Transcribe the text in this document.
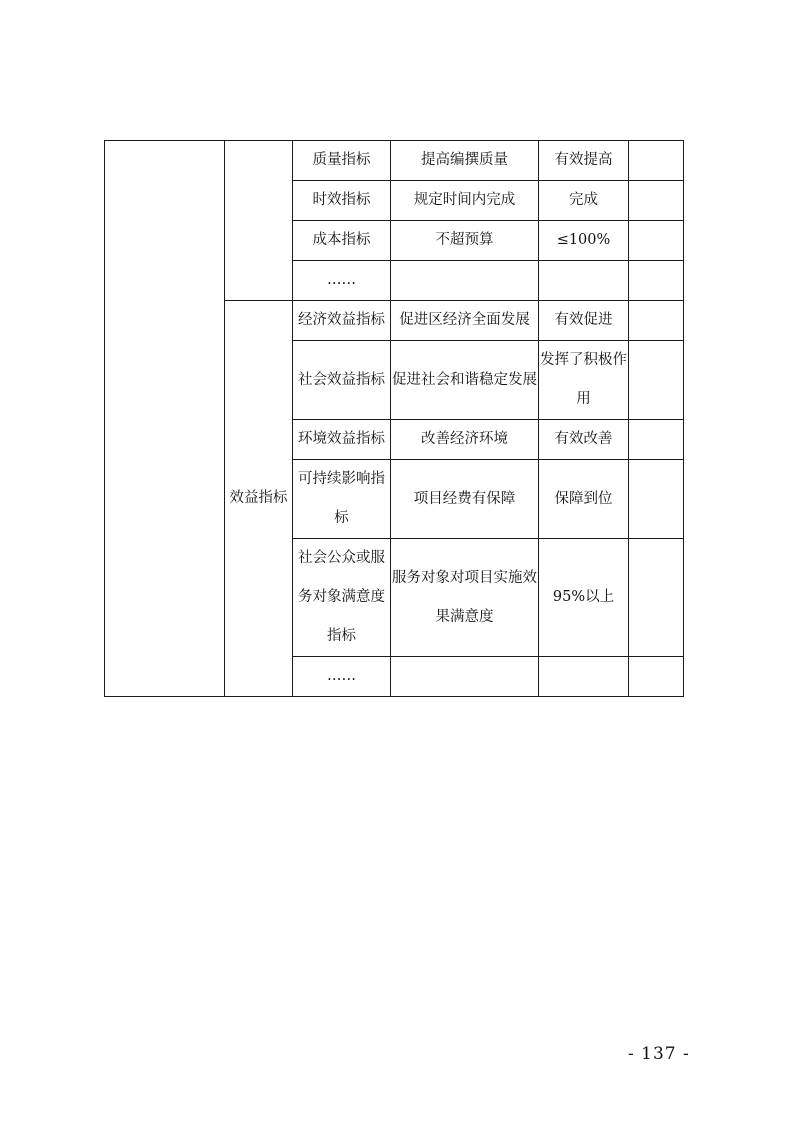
		质量指标	提高编撰质量	有效提高	
		时效指标	规定时间内完成	完成	
		成本指标	不超预算	≤100%	
		……			
	效益指标	经济效益指标	促进区经济全面发展	有效促进	
		社会效益指标	促进社会和谐稳定发展	发挥了积极作用	
		环境效益指标	改善经济环境	有效改善	
		可持续影响指标	项目经费有保障	保障到位	
		社会公众或服务对象满意度指标	服务对象对项目实施效果满意度	95%以上	
		……			
- 137 -
